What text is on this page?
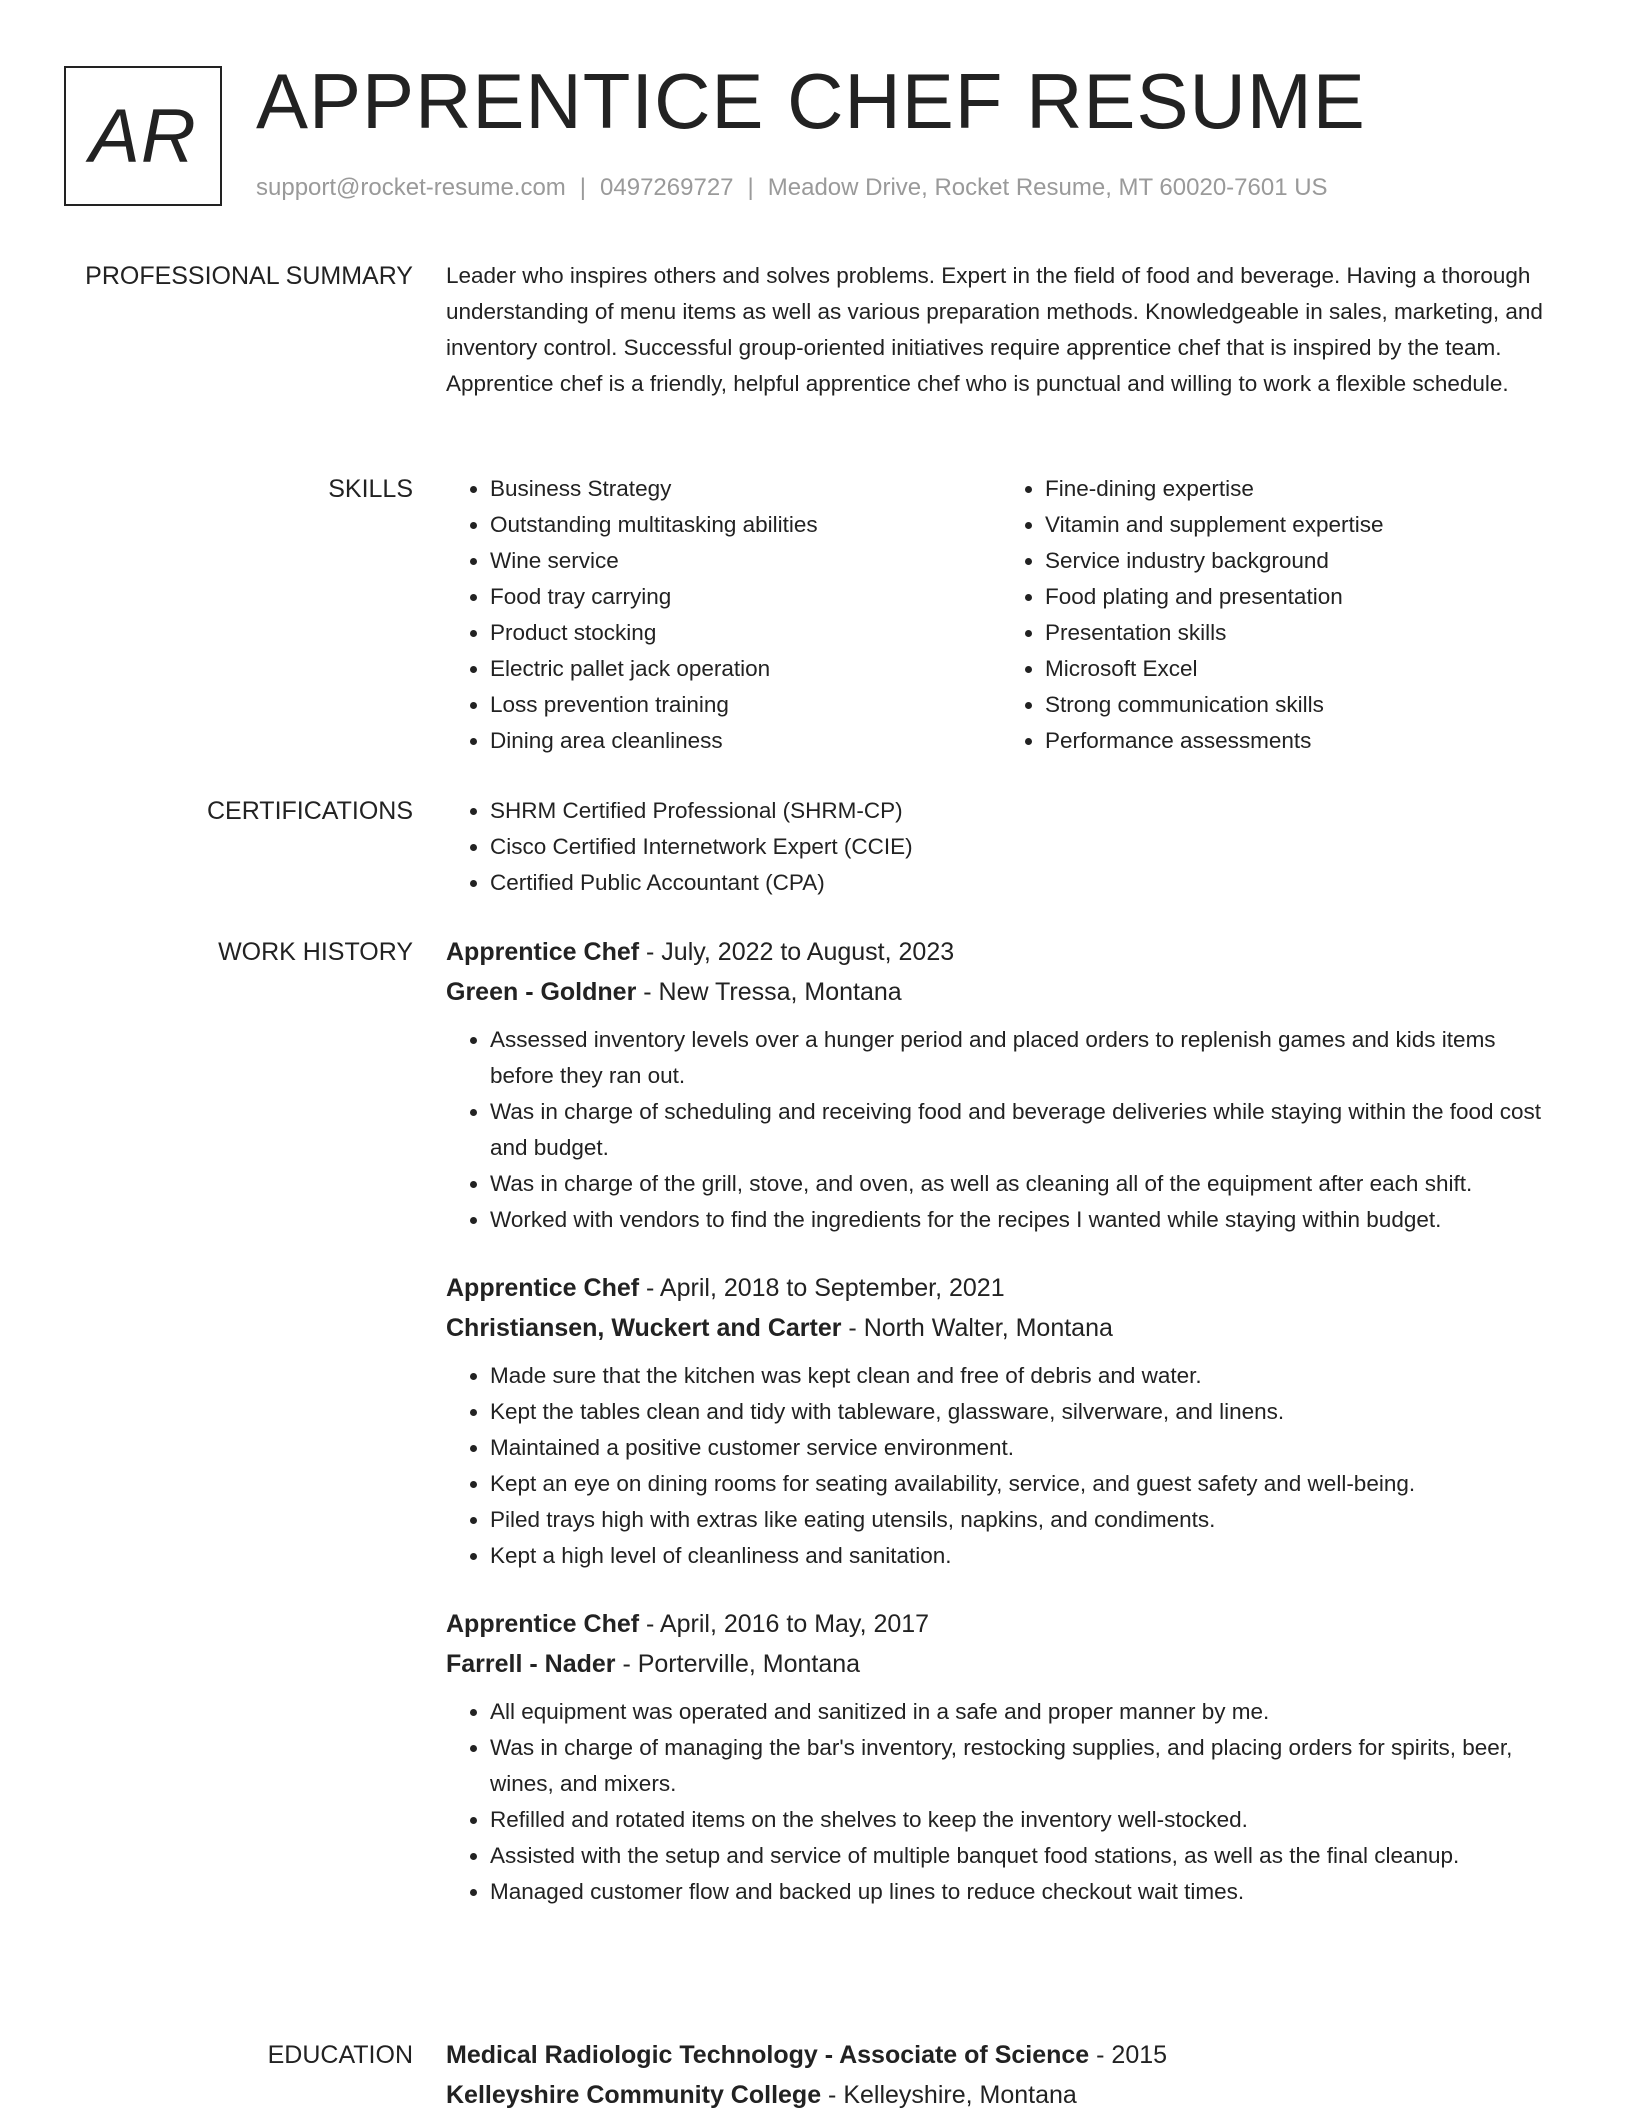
AR APPRENTICE CHEF RESUME
support@rocket-resume.com | 0497269727 | Meadow Drive, Rocket Resume, MT 60020-7601 US
PROFESSIONAL SUMMARY Leader who inspires others and solves problems. Expert in the field of food and beverage. Having a thorough understanding of menu items as well as various preparation methods. Knowledgeable in sales, marketing, and inventory control. Successful group-oriented initiatives require apprentice chef that is inspired by the team. Apprentice chef is a friendly, helpful apprentice chef who is punctual and willing to work a flexible schedule.
SKILLS	• Business Strategy
• Outstanding multitasking abilities
• Wine service
• Food tray carrying
• Product stocking
• Electric pallet jack operation
• Loss prevention training
• Dining area cleanliness
• Fine-dining expertise
• Vitamin and supplement expertise
• Service industry background
• Food plating and presentation
• Presentation skills
• Microsoft Excel
• Strong communication skills
• Performance assessments
CERTIFICATIONS	• SHRM Certified Professional (SHRM-CP)
• Cisco Certified Internetwork Expert (CCIE)
• Certified Public Accountant (CPA)
WORK HISTORY Apprentice Chef - July, 2022 to August, 2023
Green - Goldner - New Tressa, Montana
• Assessed inventory levels over a hunger period and placed orders to replenish games and kids items before they ran out.
• Was in charge of scheduling and receiving food and beverage deliveries while staying within the food cost and budget.
• Was in charge of the grill, stove, and oven, as well as cleaning all of the equipment after each shift.
• Worked with vendors to find the ingredients for the recipes I wanted while staying within budget.
Apprentice Chef - April, 2018 to September, 2021
Christiansen, Wuckert and Carter - North Walter, Montana
• Made sure that the kitchen was kept clean and free of debris and water.
• Kept the tables clean and tidy with tableware, glassware, silverware, and linens.
• Maintained a positive customer service environment.
• Kept an eye on dining rooms for seating availability, service, and guest safety and well-being.
• Piled trays high with extras like eating utensils, napkins, and condiments.
• Kept a high level of cleanliness and sanitation.
Apprentice Chef - April, 2016 to May, 2017
Farrell - Nader - Porterville, Montana
• All equipment was operated and sanitized in a safe and proper manner by me.
• Was in charge of managing the bar's inventory, restocking supplies, and placing orders for spirits, beer, wines, and mixers.
• Refilled and rotated items on the shelves to keep the inventory well-stocked.
• Assisted with the setup and service of multiple banquet food stations, as well as the final cleanup.
• Managed customer flow and backed up lines to reduce checkout wait times.
EDUCATION Medical Radiologic Technology - Associate of Science - 2015
Kelleyshire Community College - Kelleyshire, Montana
